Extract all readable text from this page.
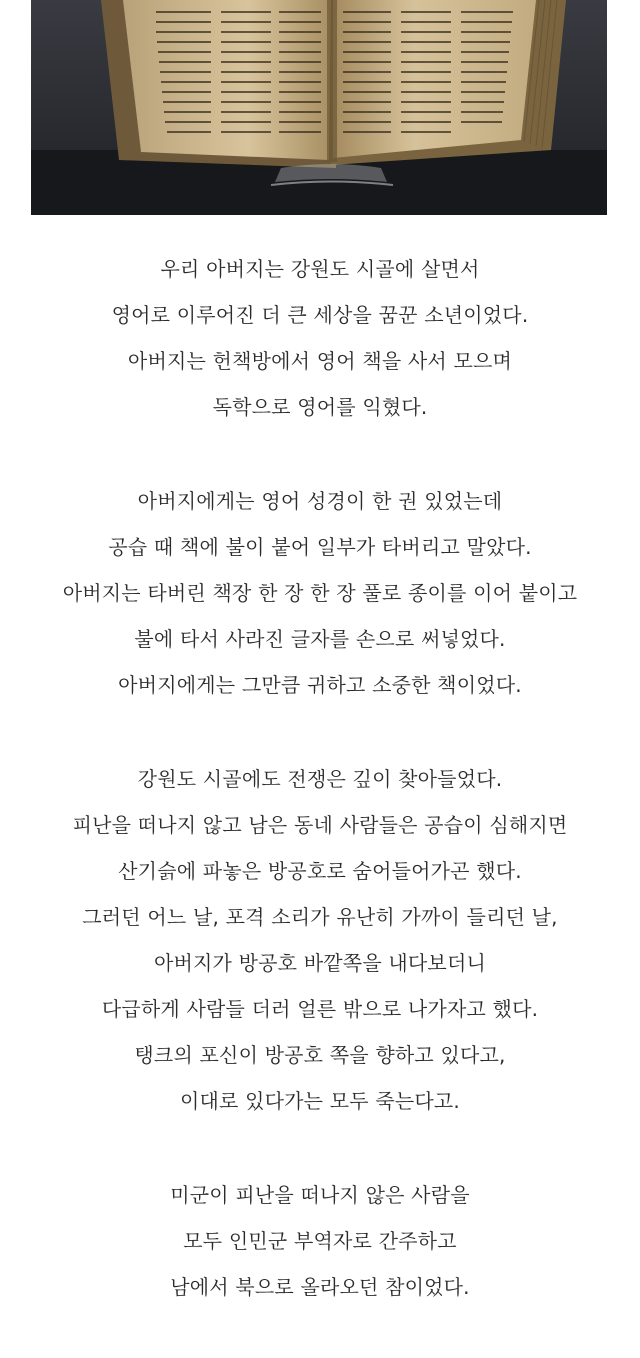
우리 아버지는 강원도 시골에 살면서
영어로 이루어진 더 큰 세상을 꿈꾼 소년이었다.
아버지는 헌책방에서 영어 책을 사서 모으며
독학으로 영어를 익혔다.
아버지에게는 영어 성경이 한 권 있었는데
공습 때 책에 불이 붙어 일부가 타버리고 말았다.
아버지는 타버린 책장 한 장 한 장 풀로 종이를 이어 붙이고
불에 타서 사라진 글자를 손으로 써넣었다.
아버지에게는 그만큼 귀하고 소중한 책이었다.
강원도 시골에도 전쟁은 깊이 찾아들었다.
피난을 떠나지 않고 남은 동네 사람들은 공습이 심해지면
산기슭에 파놓은 방공호로 숨어들어가곤 했다.
그러던 어느 날, 포격 소리가 유난히 가까이 들리던 날,
아버지가 방공호 바깥쪽을 내다보더니
다급하게 사람들 더러 얼른 밖으로 나가자고 했다.
탱크의 포신이 방공호 쪽을 향하고 있다고,
이대로 있다가는 모두 죽는다고.
미군이 피난을 떠나지 않은 사람을
모두 인민군 부역자로 간주하고
남에서 북으로 올라오던 참이었다.
